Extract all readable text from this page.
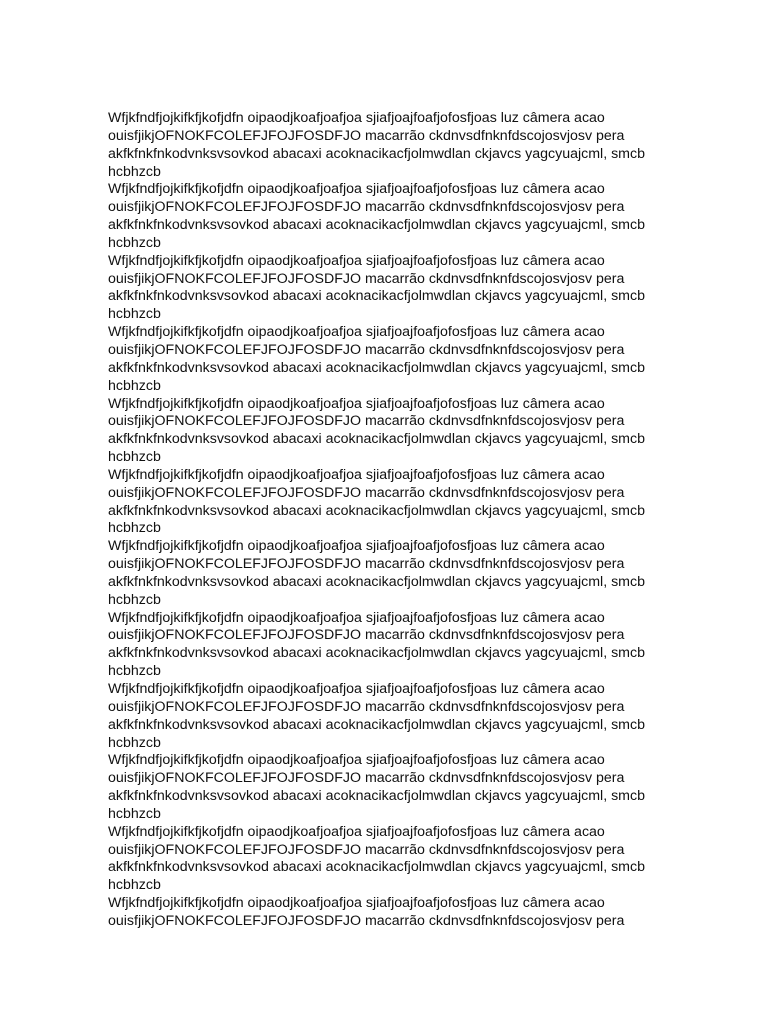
Wfjkfndfjojkifkfjkofjdfn oipaodjkoafjoafjoa sjiafjoajfoafjofosfjoas luz câmera acao
ouisfjikjOFNOKFCOLEFJFOJFOSDFJO macarrão ckdnvsdfnknfdscojosvjosv pera
akfkfnkfnkodvnksvsovkod abacaxi acoknacikacfjolmwdlan ckjavcs yagcyuajcml, smcb
hcbhzcb
Wfjkfndfjojkifkfjkofjdfn oipaodjkoafjoafjoa sjiafjoajfoafjofosfjoas luz câmera acao
ouisfjikjOFNOKFCOLEFJFOJFOSDFJO macarrão ckdnvsdfnknfdscojosvjosv pera
akfkfnkfnkodvnksvsovkod abacaxi acoknacikacfjolmwdlan ckjavcs yagcyuajcml, smcb
hcbhzcb
Wfjkfndfjojkifkfjkofjdfn oipaodjkoafjoafjoa sjiafjoajfoafjofosfjoas luz câmera acao
ouisfjikjOFNOKFCOLEFJFOJFOSDFJO macarrão ckdnvsdfnknfdscojosvjosv pera
akfkfnkfnkodvnksvsovkod abacaxi acoknacikacfjolmwdlan ckjavcs yagcyuajcml, smcb
hcbhzcb
Wfjkfndfjojkifkfjkofjdfn oipaodjkoafjoafjoa sjiafjoajfoafjofosfjoas luz câmera acao
ouisfjikjOFNOKFCOLEFJFOJFOSDFJO macarrão ckdnvsdfnknfdscojosvjosv pera
akfkfnkfnkodvnksvsovkod abacaxi acoknacikacfjolmwdlan ckjavcs yagcyuajcml, smcb
hcbhzcb
Wfjkfndfjojkifkfjkofjdfn oipaodjkoafjoafjoa sjiafjoajfoafjofosfjoas luz câmera acao
ouisfjikjOFNOKFCOLEFJFOJFOSDFJO macarrão ckdnvsdfnknfdscojosvjosv pera
akfkfnkfnkodvnksvsovkod abacaxi acoknacikacfjolmwdlan ckjavcs yagcyuajcml, smcb
hcbhzcb
Wfjkfndfjojkifkfjkofjdfn oipaodjkoafjoafjoa sjiafjoajfoafjofosfjoas luz câmera acao
ouisfjikjOFNOKFCOLEFJFOJFOSDFJO macarrão ckdnvsdfnknfdscojosvjosv pera
akfkfnkfnkodvnksvsovkod abacaxi acoknacikacfjolmwdlan ckjavcs yagcyuajcml, smcb
hcbhzcb
Wfjkfndfjojkifkfjkofjdfn oipaodjkoafjoafjoa sjiafjoajfoafjofosfjoas luz câmera acao
ouisfjikjOFNOKFCOLEFJFOJFOSDFJO macarrão ckdnvsdfnknfdscojosvjosv pera
akfkfnkfnkodvnksvsovkod abacaxi acoknacikacfjolmwdlan ckjavcs yagcyuajcml, smcb
hcbhzcb
Wfjkfndfjojkifkfjkofjdfn oipaodjkoafjoafjoa sjiafjoajfoafjofosfjoas luz câmera acao
ouisfjikjOFNOKFCOLEFJFOJFOSDFJO macarrão ckdnvsdfnknfdscojosvjosv pera
akfkfnkfnkodvnksvsovkod abacaxi acoknacikacfjolmwdlan ckjavcs yagcyuajcml, smcb
hcbhzcb
Wfjkfndfjojkifkfjkofjdfn oipaodjkoafjoafjoa sjiafjoajfoafjofosfjoas luz câmera acao
ouisfjikjOFNOKFCOLEFJFOJFOSDFJO macarrão ckdnvsdfnknfdscojosvjosv pera
akfkfnkfnkodvnksvsovkod abacaxi acoknacikacfjolmwdlan ckjavcs yagcyuajcml, smcb
hcbhzcb
Wfjkfndfjojkifkfjkofjdfn oipaodjkoafjoafjoa sjiafjoajfoafjofosfjoas luz câmera acao
ouisfjikjOFNOKFCOLEFJFOJFOSDFJO macarrão ckdnvsdfnknfdscojosvjosv pera
akfkfnkfnkodvnksvsovkod abacaxi acoknacikacfjolmwdlan ckjavcs yagcyuajcml, smcb
hcbhzcb
Wfjkfndfjojkifkfjkofjdfn oipaodjkoafjoafjoa sjiafjoajfoafjofosfjoas luz câmera acao
ouisfjikjOFNOKFCOLEFJFOJFOSDFJO macarrão ckdnvsdfnknfdscojosvjosv pera
akfkfnkfnkodvnksvsovkod abacaxi acoknacikacfjolmwdlan ckjavcs yagcyuajcml, smcb
hcbhzcb
Wfjkfndfjojkifkfjkofjdfn oipaodjkoafjoafjoa sjiafjoajfoafjofosfjoas luz câmera acao
ouisfjikjOFNOKFCOLEFJFOJFOSDFJO macarrão ckdnvsdfnknfdscojosvjosv pera
